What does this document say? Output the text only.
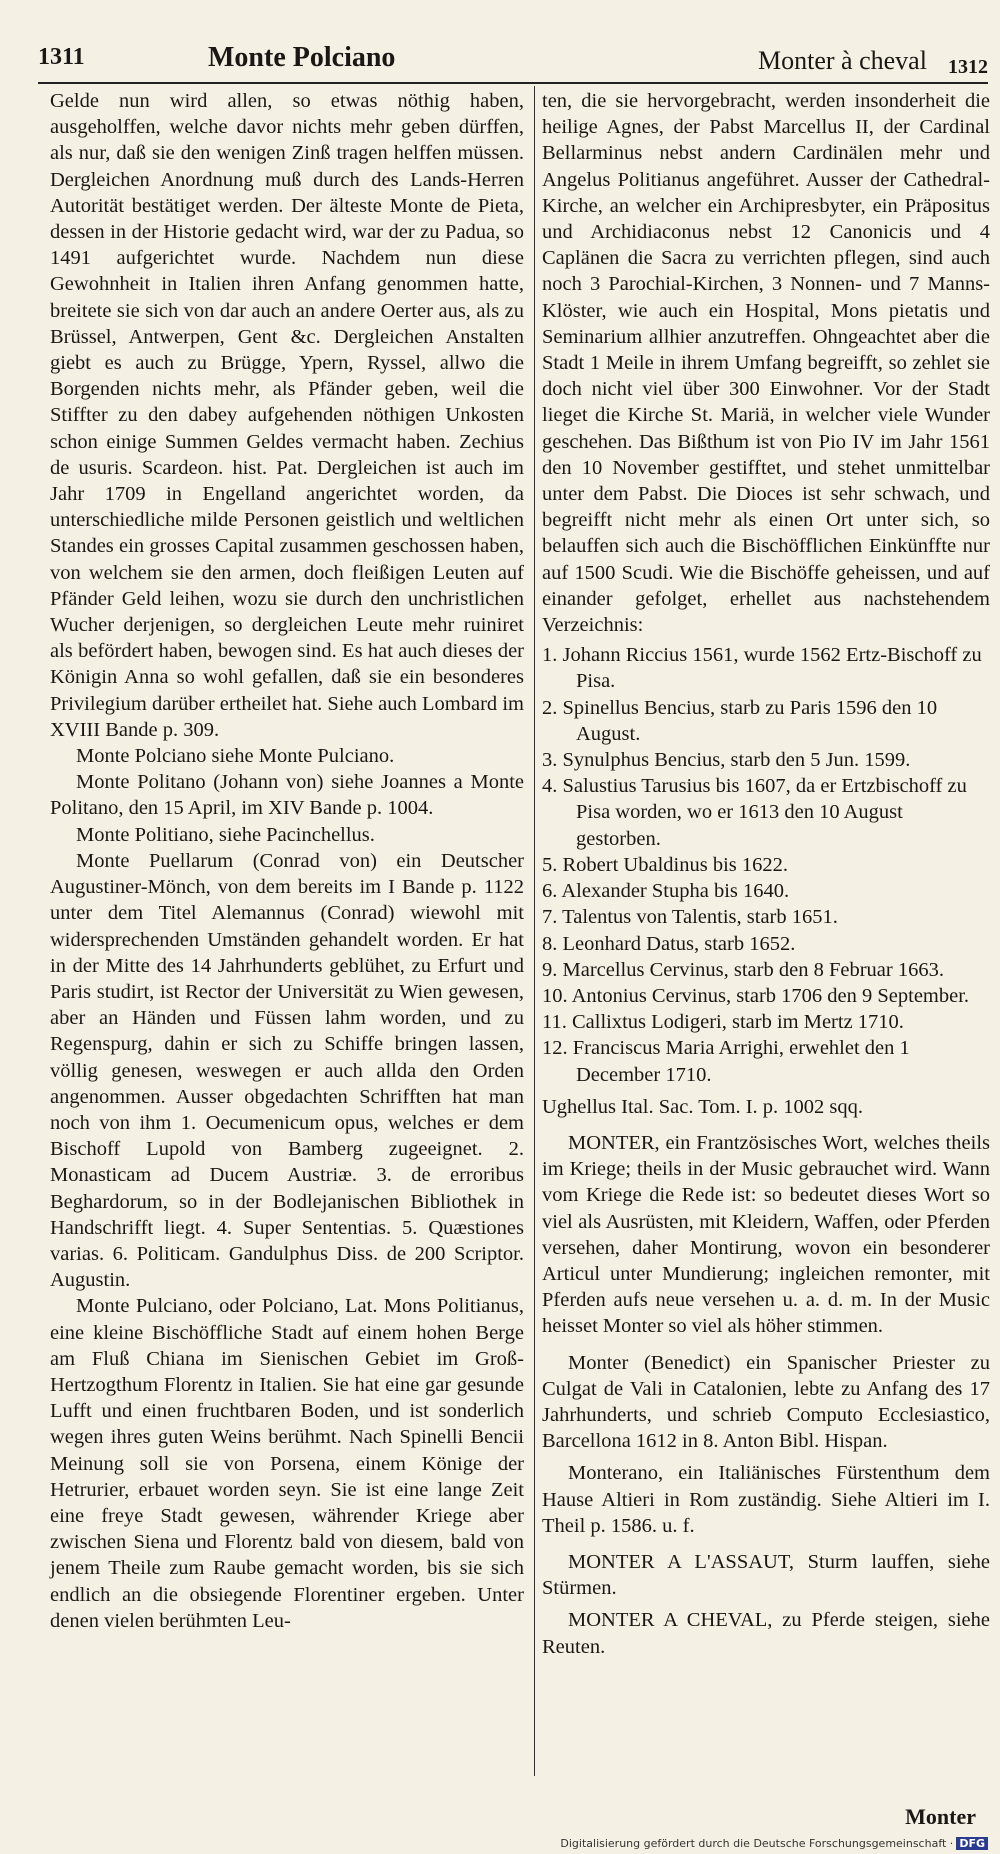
1311	Monte Polciano	Monter à cheval 1312

Gelde nun wird allen, so etwas nöthig haben, ausgeholffen, welche davor nichts mehr geben dürffen, als nur, daß sie den wenigen Zinß tragen helffen müssen. Dergleichen Anordnung muß durch des Lands-Herren Autorität bestätiget werden. Der älteste Monte de Pieta, dessen in der Historie gedacht wird, war der zu Padua, so 1491 aufgerichtet wurde. Nachdem nun diese Gewohnheit in Italien ihren Anfang genommen hatte, breitete sie sich von dar auch an andere Oerter aus, als zu Brüssel, Antwerpen, Gent &c. Dergleichen Anstalten giebt es auch zu Brügge, Ypern, Ryssel, allwo die Borgenden nichts mehr, als Pfänder geben, weil die Stiffter zu den dabey aufgehenden nöthigen Unkosten schon einige Summen Geldes vermacht haben. Zechius de usuris. Scardeon. hist. Pat. Dergleichen ist auch im Jahr 1709 in Engelland angerichtet worden, da unterschiedliche milde Personen geistlich und weltlichen Standes ein grosses Capital zusammen geschossen haben, von welchem sie den armen, doch fleißigen Leuten auf Pfänder Geld leihen, wozu sie durch den unchristlichen Wucher derjenigen, so dergleichen Leute mehr ruiniret als befördert haben, bewogen sind. Es hat auch dieses der Königin Anna so wohl gefallen, daß sie ein besonderes Privilegium darüber ertheilet hat. Siehe auch Lombard im XVIII Bande p. 309.

Monte Polciano siehe Monte Pulciano.

Monte Politano (Johann von) siehe Joannes a Monte Politano, den 15 April, im XIV Bande p. 1004.

Monte Politiano, siehe Pacinchellus.

Monte Puellarum (Conrad von) ein Deutscher Augustiner-Mönch, von dem bereits im I Bande p. 1122 unter dem Titel Alemannus (Conrad) wiewohl mit widersprechenden Umständen gehandelt worden. Er hat in der Mitte des 14 Jahrhunderts geblühet, zu Erfurt und Paris studirt, ist Rector der Universität zu Wien gewesen, aber an Händen und Füssen lahm worden, und zu Regenspurg, dahin er sich zu Schiffe bringen lassen, völlig genesen, weswegen er auch allda den Orden angenommen. Ausser obgedachten Schrifften hat man noch von ihm 1. Oecumenicum opus, welches er dem Bischoff Lupold von Bamberg zugeeignet. 2. Monasticam ad Ducem Austriæ. 3. de erroribus Beghardorum, so in der Bodlejanischen Bibliothek in Handschrifft liegt. 4. Super Sententias. 5. Quæstiones varias. 6. Politicam. Gandulphus Diss. de 200 Scriptor. Augustin.

Monte Pulciano, oder Polciano, Lat. Mons Politianus, eine kleine Bischöffliche Stadt auf einem hohen Berge am Fluß Chiana im Sienischen Gebiet im Groß-Hertzogthum Florentz in Italien. Sie hat eine gar gesunde Lufft und einen fruchtbaren Boden, und ist sonderlich wegen ihres guten Weins berühmt. Nach Spinelli Bencii Meinung soll sie von Porsena, einem Könige der Hetrurier, erbauet worden seyn. Sie ist eine lange Zeit eine freye Stadt gewesen, währender Kriege aber zwischen Siena und Florentz bald von diesem, bald von jenem Theile zum Raube gemacht worden, bis sie sich endlich an die obsiegende Florentiner ergeben. Unter denen vielen berühmten Leu-

ten, die sie hervorgebracht, werden insonderheit die heilige Agnes, der Pabst Marcellus II, der Cardinal Bellarminus nebst andern Cardinälen mehr und Angelus Politianus angeführet. Ausser der Cathedral-Kirche, an welcher ein Archipresbyter, ein Präpositus und Archidiaconus nebst 12 Canonicis und 4 Caplänen die Sacra zu verrichten pflegen, sind auch noch 3 Parochial-Kirchen, 3 Nonnen- und 7 Manns-Klöster, wie auch ein Hospital, Mons pietatis und Seminarium allhier anzutreffen. Ohngeachtet aber die Stadt 1 Meile in ihrem Umfang begreifft, so zehlet sie doch nicht viel über 300 Einwohner. Vor der Stadt lieget die Kirche St. Mariä, in welcher viele Wunder geschehen. Das Bißthum ist von Pio IV im Jahr 1561 den 10 November gestifftet, und stehet unmittelbar unter dem Pabst. Die Dioces ist sehr schwach, und begreifft nicht mehr als einen Ort unter sich, so belauffen sich auch die Bischöfflichen Einkünffte nur auf 1500 Scudi. Wie die Bischöffe geheissen, und auf einander gefolget, erhellet aus nachstehendem Verzeichnis:

1. Johann Riccius 1561, wurde 1562 Ertz-Bischoff zu Pisa.
2. Spinellus Bencius, starb zu Paris 1596 den 10 August.
3. Synulphus Bencius, starb den 5 Jun. 1599.
4. Salustius Tarusius bis 1607, da er Ertzbischoff zu Pisa worden, wo er 1613 den 10 August gestorben.
5. Robert Ubaldinus bis 1622.
6. Alexander Stupha bis 1640.
7. Talentus von Talentis, starb 1651.
8. Leonhard Datus, starb 1652.
9. Marcellus Cervinus, starb den 8 Februar 1663.
10. Antonius Cervinus, starb 1706 den 9 September.
11. Callixtus Lodigeri, starb im Mertz 1710.
12. Franciscus Maria Arrighi, erwehlet den 1 December 1710.

Ughellus Ital. Sac. Tom. I. p. 1002 sqq.

MONTER, ein Frantzösisches Wort, welches theils im Kriege; theils in der Music gebrauchet wird. Wann vom Kriege die Rede ist: so bedeutet dieses Wort so viel als Ausrüsten, mit Kleidern, Waffen, oder Pferden versehen, daher Montirung, wovon ein besonderer Articul unter Mundierung; ingleichen remonter, mit Pferden aufs neue versehen u. a. d. m. In der Music heisset Monter so viel als höher stimmen.

Monter (Benedict) ein Spanischer Priester zu Culgat de Vali in Catalonien, lebte zu Anfang des 17 Jahrhunderts, und schrieb Computo Ecclesiastico, Barcellona 1612 in 8. Anton Bibl. Hispan.

Monterano, ein Italiänisches Fürstenthum dem Hause Altieri in Rom zuständig. Siehe Altieri im I. Theil p. 1586. u. f.

MONTER A L'ASSAUT, Sturm lauffen, siehe Stürmen.

MONTER A CHEVAL, zu Pferde steigen, siehe Reuten.

Monter
Digitalisierung gefördert durch die Deutsche Forschungsgemeinschaft · DFG
